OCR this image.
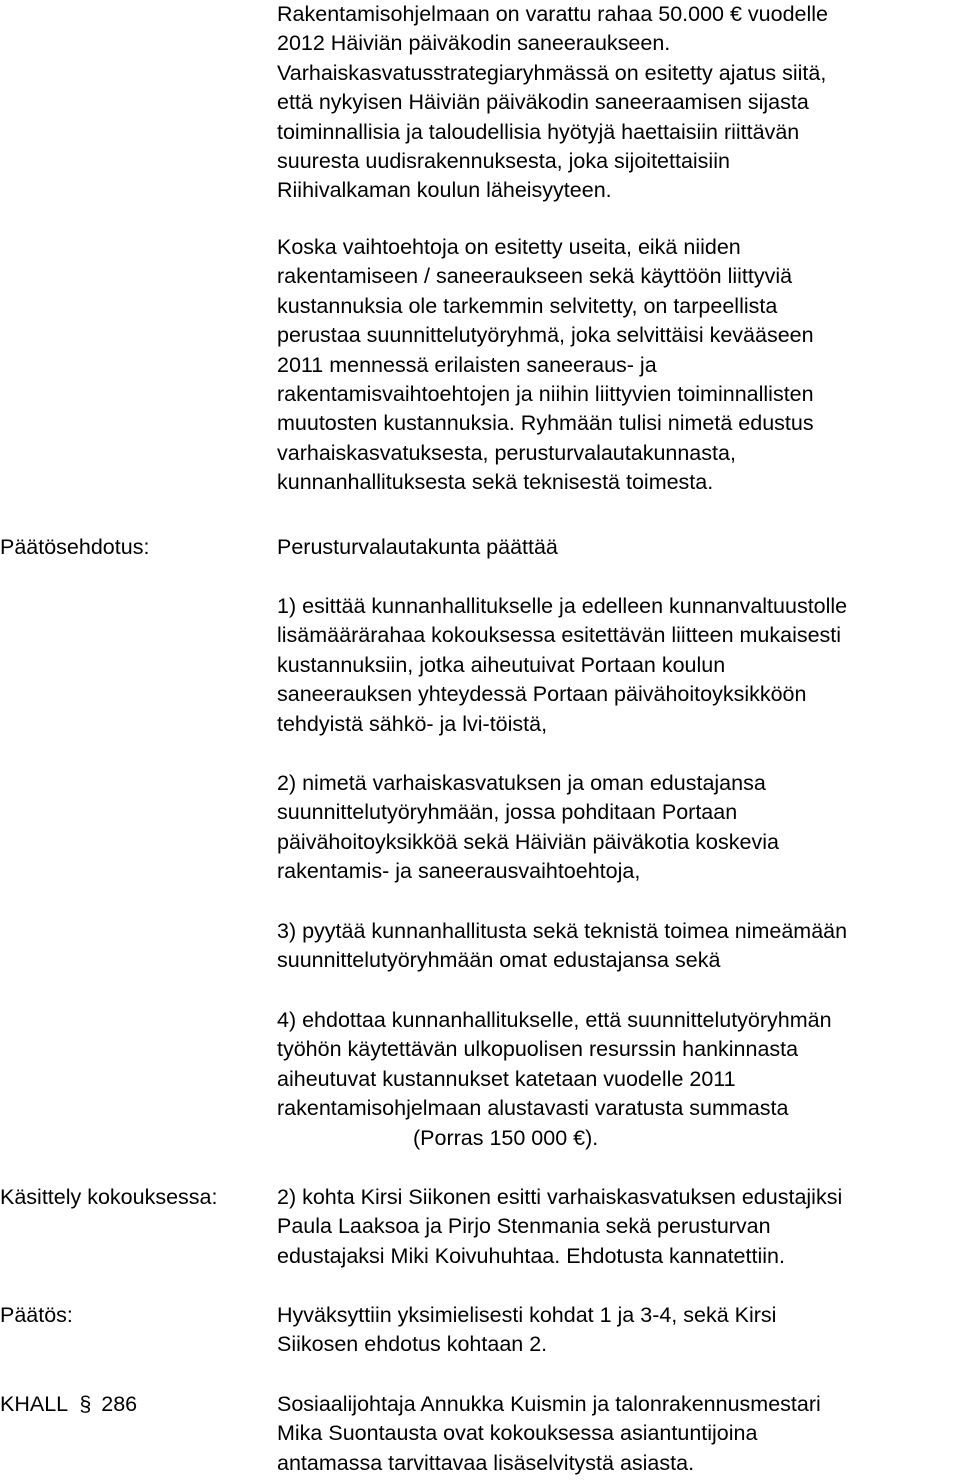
Rakentamisohjelmaan on varattu rahaa 50.000 € vuodelle
2012 Häiviän päiväkodin saneeraukseen.
Varhaiskasvatusstrategiaryhmässä on esitetty ajatus siitä,
että nykyisen Häiviän päiväkodin saneeraamisen sijasta
toiminnallisia ja taloudellisia hyötyjä haettaisiin riittävän
suuresta uudisrakennuksesta, joka sijoitettaisiin
Riihivalkaman koulun läheisyyteen.
Koska vaihtoehtoja on esitetty useita, eikä niiden
rakentamiseen / saneeraukseen sekä käyttöön liittyviä
kustannuksia ole tarkemmin selvitetty, on tarpeellista
perustaa suunnittelutyöryhmä, joka selvittäisi kevääseen
2011 mennessä erilaisten saneeraus- ja
rakentamisvaihtoehtojen ja niihin liittyvien toiminnallisten
muutosten kustannuksia. Ryhmään tulisi nimetä edustus
varhaiskasvatuksesta, perusturvalautakunnasta,
kunnanhallituksesta sekä teknisestä toimesta.
Päätösehdotus:	Perusturvalautakunta päättää
1) esittää kunnanhallitukselle ja edelleen kunnanvaltuustolle
lisämäärärahaa kokouksessa esitettävän liitteen mukaisesti
kustannuksiin, jotka aiheutuivat Portaan koulun
saneerauksen yhteydessä Portaan päivähoitoyksikköön
tehdyistä sähkö- ja lvi-töistä,
2) nimetä varhaiskasvatuksen ja oman edustajansa
suunnittelutyöryhmään, jossa pohditaan Portaan
päivähoitoyksikköä sekä Häiviän päiväkotia koskevia
rakentamis- ja saneerausvaihtoehtoja,
3) pyytää kunnanhallitusta sekä teknistä toimea nimeämään
suunnittelutyöryhmään omat edustajansa sekä
4) ehdottaa kunnanhallitukselle, että suunnittelutyöryhmän
työhön käytettävän ulkopuolisen resurssin hankinnasta
aiheutuvat kustannukset katetaan vuodelle 2011
rakentamisohjelmaan alustavasti varatusta summasta
(Porras 150 000 €).
Käsittely kokouksessa:	2) kohta Kirsi Siikonen esitti varhaiskasvatuksen edustajiksi
Paula Laaksoa ja Pirjo Stenmania sekä perusturvan
edustajaksi Miki Koivuhuhtaa. Ehdotusta kannatettiin.
Päätös:	Hyväksyttiin yksimielisesti kohdat 1 ja 3-4, sekä Kirsi
Siikosen ehdotus kohtaan 2.
KHALL § 286	Sosiaalijohtaja Annukka Kuismin ja talonrakennusmestari
Mika Suontausta ovat kokouksessa asiantuntijoina
antamassa tarvittavaa lisäselvitystä asiasta.
